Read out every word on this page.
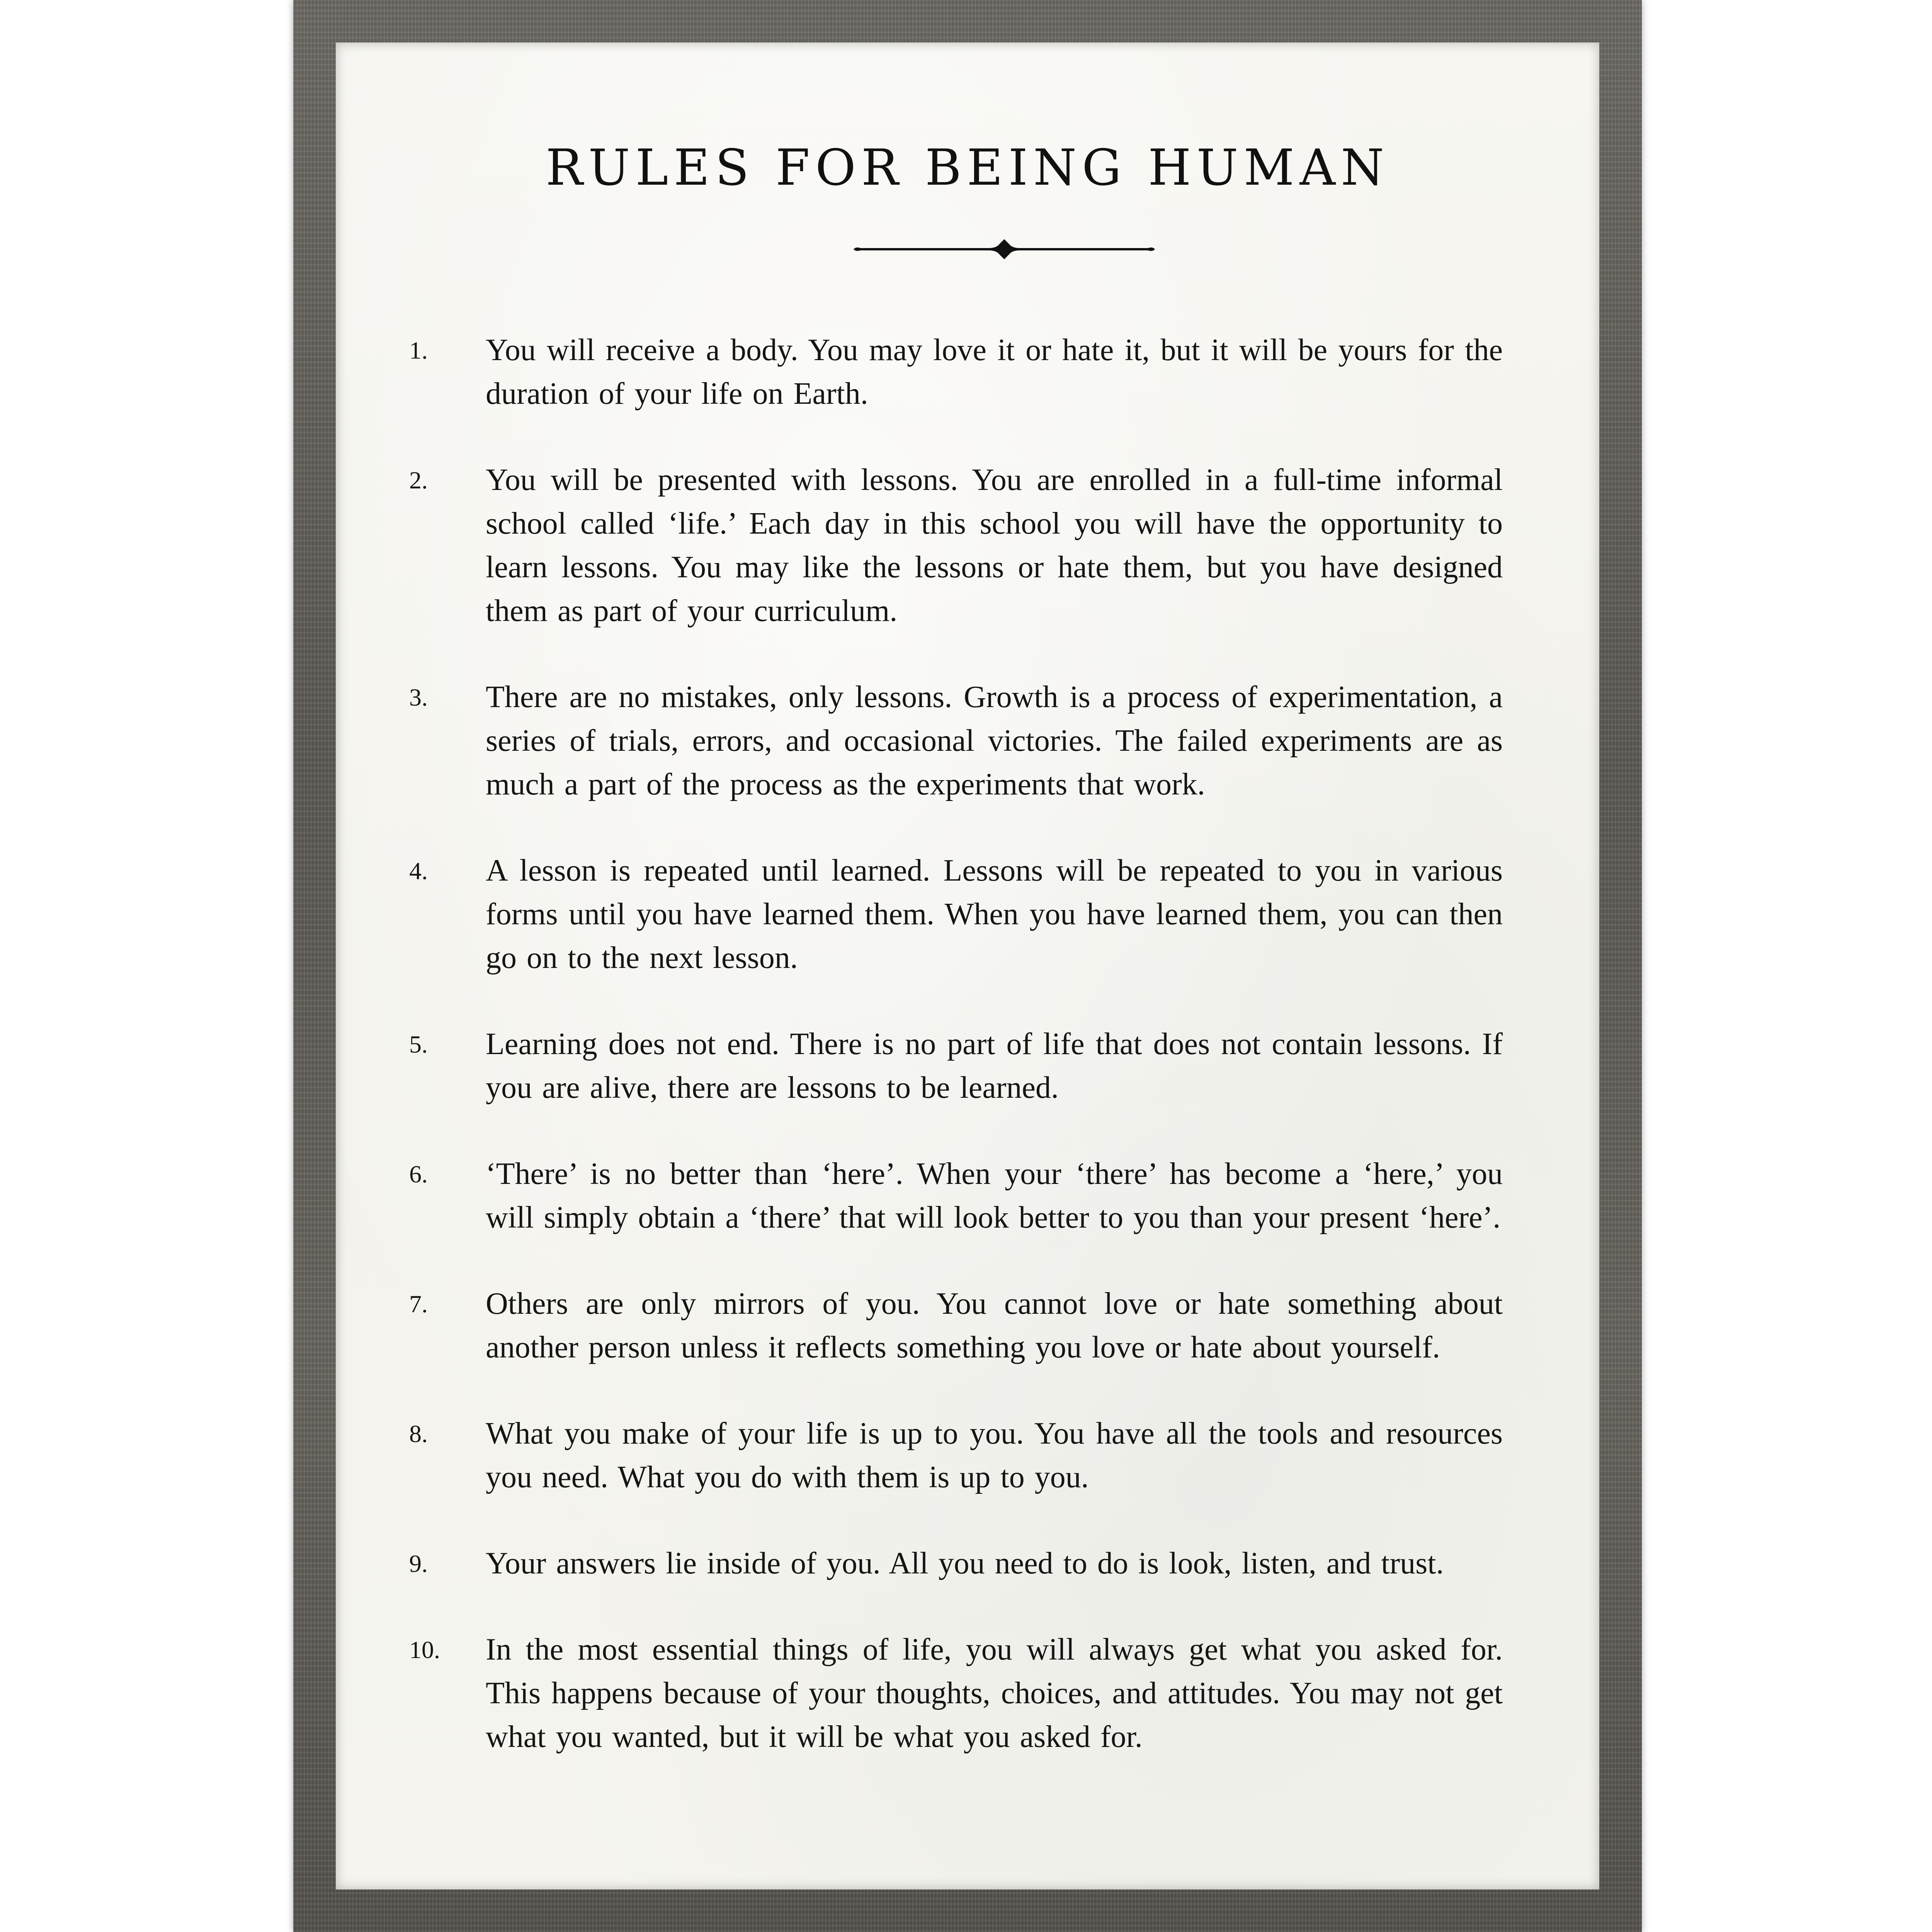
RULES FOR BEING HUMAN
1.	You will receive a body. You may love it or hate it, but it will be yours for the duration of your life on Earth.
2.	You will be presented with lessons. You are enrolled in a full-time informal school called ‘life.’ Each day in this school you will have the opportunity to learn lessons. You may like the lessons or hate them, but you have designed them as part of your curriculum.
3.	There are no mistakes, only lessons. Growth is a process of experimentation, a series of trials, errors, and occasional victories. The failed experiments are as much a part of the process as the experiments that work.
4.	A lesson is repeated until learned. Lessons will be repeated to you in various forms until you have learned them. When you have learned them, you can then go on to the next lesson.
5.	Learning does not end. There is no part of life that does not contain lessons. If you are alive, there are lessons to be learned.
6.	‘There’ is no better than ‘here’. When your ‘there’ has become a ‘here,’ you will simply obtain a ‘there’ that will look better to you than your present ‘here’.
7.	Others are only mirrors of you. You cannot love or hate something about another person unless it reflects something you love or hate about yourself.
8.	What you make of your life is up to you. You have all the tools and resources you need. What you do with them is up to you.
9.	Your answers lie inside of you. All you need to do is look, listen, and trust.
10.	In the most essential things of life, you will always get what you asked for. This happens because of your thoughts, choices, and attitudes. You may not get what you wanted, but it will be what you asked for.
